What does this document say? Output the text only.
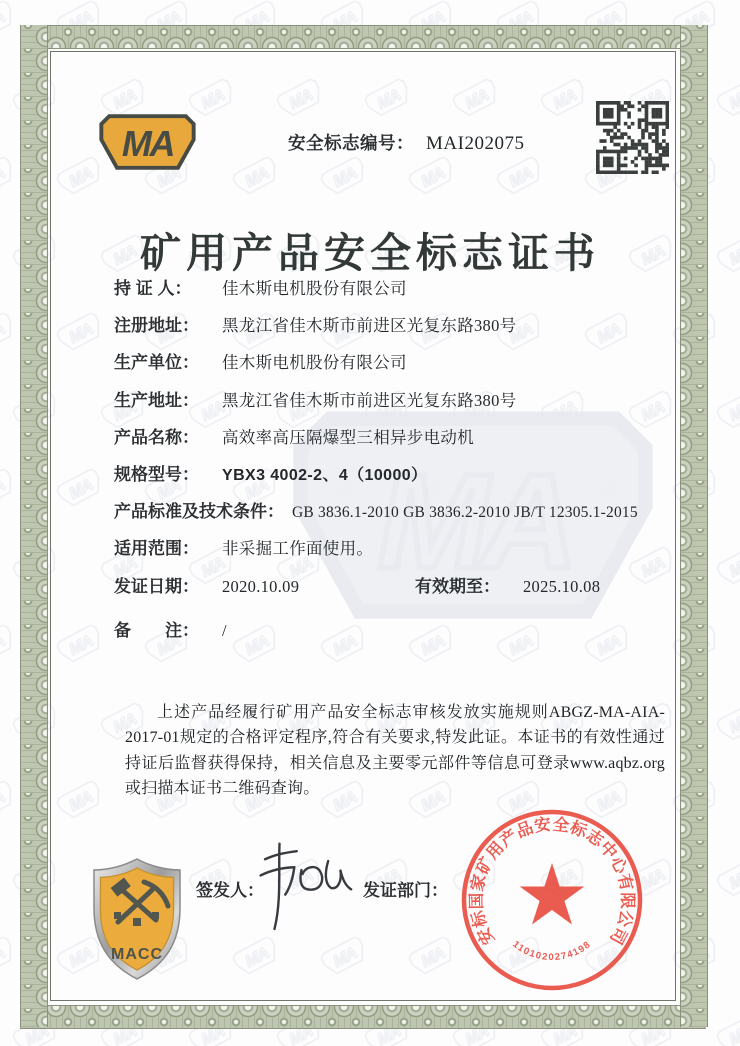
MA	安全标志编号： MAI202075
矿用产品安全标志证书
持 证 人：	佳木斯电机股份有限公司
注册地址：	黑龙江省佳木斯市前进区光复东路380号
生产单位：	佳木斯电机股份有限公司
生产地址：	黑龙江省佳木斯市前进区光复东路380号
产品名称：	高效率高压隔爆型三相异步电动机
规格型号：	YBX3 4002-2、4（10000）
产品标准及技术条件： GB 3836.1-2010 GB 3836.2-2010 JB/T 12305.1-2015
适用范围：	非采掘工作面使用。
发证日期：	2020.10.09	有效期至：	2025.10.08
备　　注：	/
上述产品经履行矿用产品安全标志审核发放实施规则ABGZ-MA-AIA-2017-01规定的合格评定程序,符合有关要求,特发此证。本证书的有效性通过持证后监督获得保持，相关信息及主要零元部件等信息可登录www.aqbz.org或扫描本证书二维码查询。
MACC
签发人：	发证部门：
安标国家矿用产品安全标志中心有限公司
1101020274198
